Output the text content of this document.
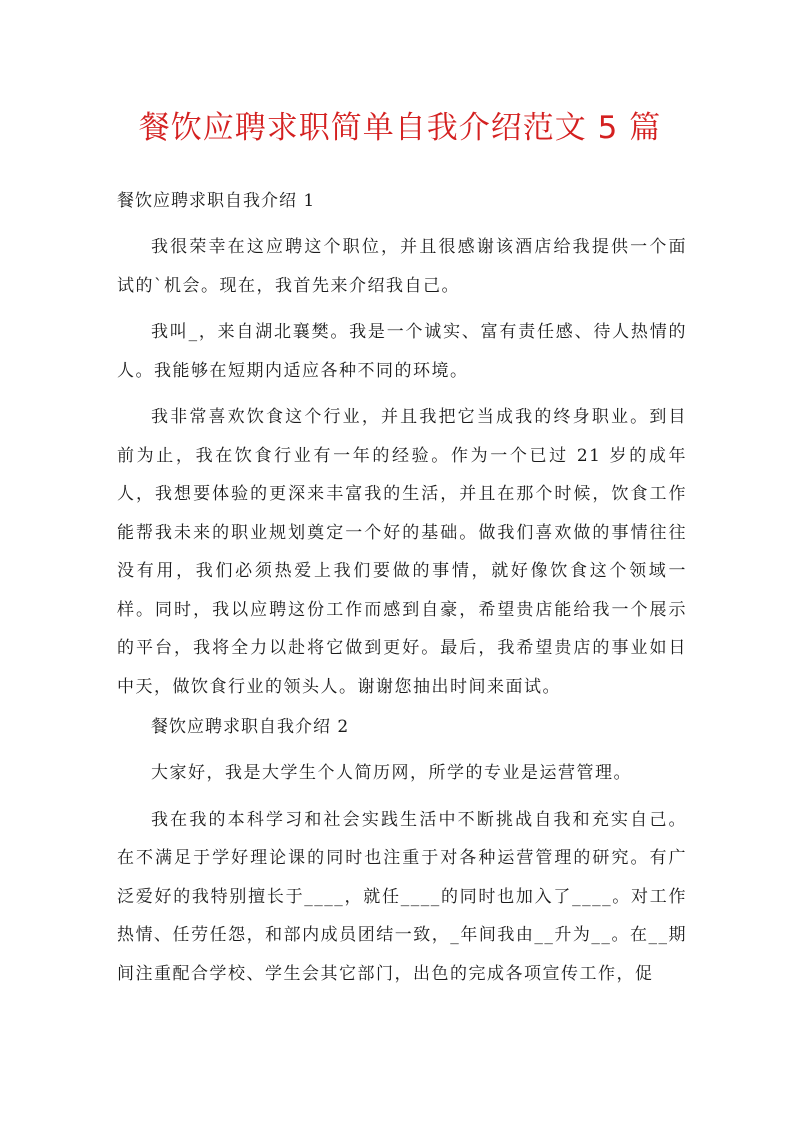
餐饮应聘求职简单自我介绍范文 5 篇

餐饮应聘求职自我介绍 1

我很荣幸在这应聘这个职位，并且很感谢该酒店给我提供一个面试的`机会。现在，我首先来介绍我自己。

我叫_，来自湖北襄樊。我是一个诚实、富有责任感、待人热情的人。我能够在短期内适应各种不同的环境。

我非常喜欢饮食这个行业，并且我把它当成我的终身职业。到目前为止，我在饮食行业有一年的经验。作为一个已过 21 岁的成年人，我想要体验的更深来丰富我的生活，并且在那个时候，饮食工作能帮我未来的职业规划奠定一个好的基础。做我们喜欢做的事情往往没有用，我们必须热爱上我们要做的事情，就好像饮食这个领域一样。同时，我以应聘这份工作而感到自豪，希望贵店能给我一个展示的平台，我将全力以赴将它做到更好。最后，我希望贵店的事业如日中天，做饮食行业的领头人。谢谢您抽出时间来面试。

餐饮应聘求职自我介绍 2

大家好，我是大学生个人简历网，所学的专业是运营管理。

我在我的本科学习和社会实践生活中不断挑战自我和充实自己。在不满足于学好理论课的同时也注重于对各种运营管理的研究。有广泛爱好的我特别擅长于____，就任____的同时也加入了____。对工作热情、任劳任怨，和部内成员团结一致，_年间我由__升为__。在__期间注重配合学校、学生会其它部门，出色的完成各项宣传工作，促
